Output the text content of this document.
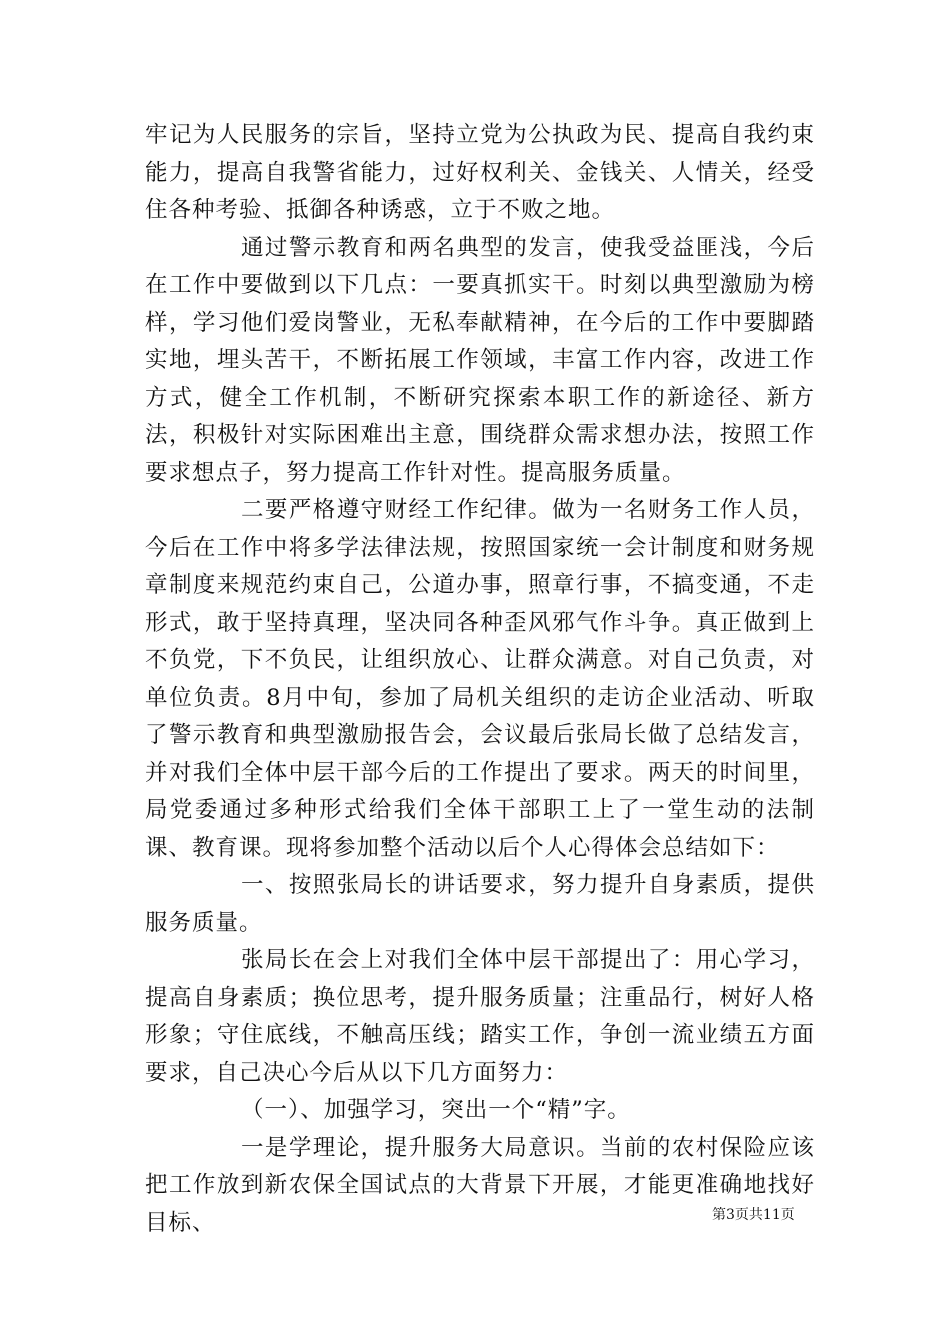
牢记为人民服务的宗旨，坚持立党为公执政为民、提高自我约束能力，提高自我警省能力，过好权利关、金钱关、人情关，经受住各种考验、抵御各种诱惑，立于不败之地。

通过警示教育和两名典型的发言，使我受益匪浅，今后在工作中要做到以下几点：一要真抓实干。时刻以典型激励为榜样，学习他们爱岗警业，无私奉献精神，在今后的工作中要脚踏实地，埋头苦干，不断拓展工作领域，丰富工作内容，改进工作方式，健全工作机制，不断研究探索本职工作的新途径、新方法，积极针对实际困难出主意，围绕群众需求想办法，按照工作要求想点子，努力提高工作针对性。提高服务质量。

二要严格遵守财经工作纪律。做为一名财务工作人员，今后在工作中将多学法律法规，按照国家统一会计制度和财务规章制度来规范约束自己，公道办事，照章行事，不搞变通，不走形式，敢于坚持真理，坚决同各种歪风邪气作斗争。真正做到上不负党，下不负民，让组织放心、让群众满意。对自己负责，对单位负责。8月中旬，参加了局机关组织的走访企业活动、听取了警示教育和典型激励报告会，会议最后张局长做了总结发言，并对我们全体中层干部今后的工作提出了要求。两天的时间里，局党委通过多种形式给我们全体干部职工上了一堂生动的法制课、教育课。现将参加整个活动以后个人心得体会总结如下：

一、按照张局长的讲话要求，努力提升自身素质，提供服务质量。

张局长在会上对我们全体中层干部提出了：用心学习，提高自身素质；换位思考，提升服务质量；注重品行，树好人格形象；守住底线，不触高压线；踏实工作，争创一流业绩五方面要求，自己决心今后从以下几方面努力：

（一）、加强学习，突出一个“精”字。

一是学理论，提升服务大局意识。当前的农村保险应该把工作放到新农保全国试点的大背景下开展，才能更准确地找好目标、	第3页共11页
